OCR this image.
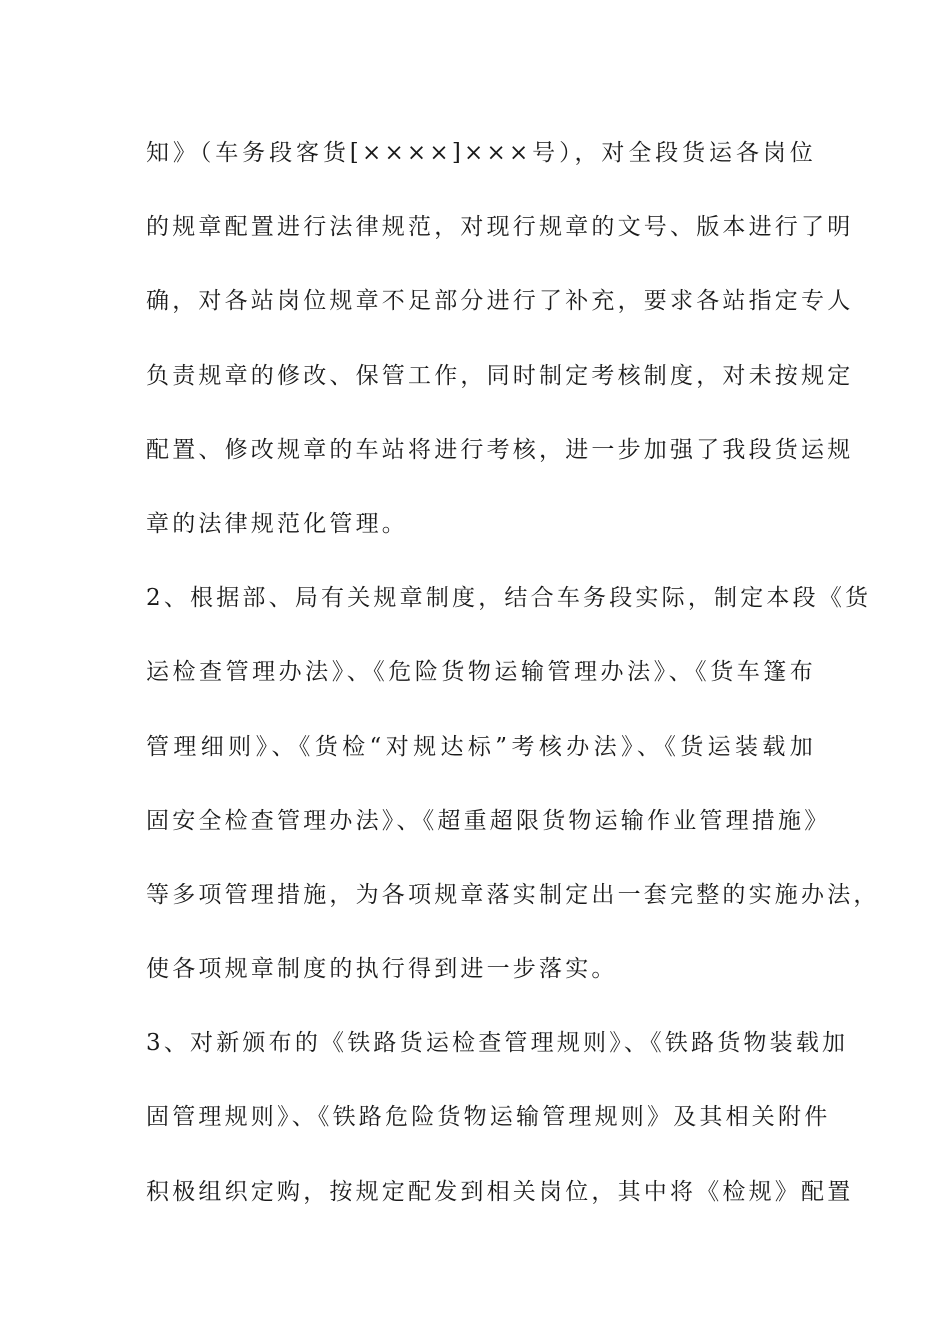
知》（车务段客货[××××]×××号），对全段货运各岗位
的规章配置进行法律规范，对现行规章的文号、版本进行了明
确，对各站岗位规章不足部分进行了补充，要求各站指定专人
负责规章的修改、保管工作，同时制定考核制度，对未按规定
配置、修改规章的车站将进行考核，进一步加强了我段货运规
章的法律规范化管理。
2、根据部、局有关规章制度，结合车务段实际，制定本段《货
运检查管理办法》、《危险货物运输管理办法》、《货车篷布
管理细则》、《货检“对规达标”考核办法》、《货运装载加
固安全检查管理办法》、《超重超限货物运输作业管理措施》
等多项管理措施，为各项规章落实制定出一套完整的实施办法，
使各项规章制度的执行得到进一步落实。
3、对新颁布的《铁路货运检查管理规则》、《铁路货物装载加
固管理规则》、《铁路危险货物运输管理规则》及其相关附件
积极组织定购，按规定配发到相关岗位，其中将《检规》配置
